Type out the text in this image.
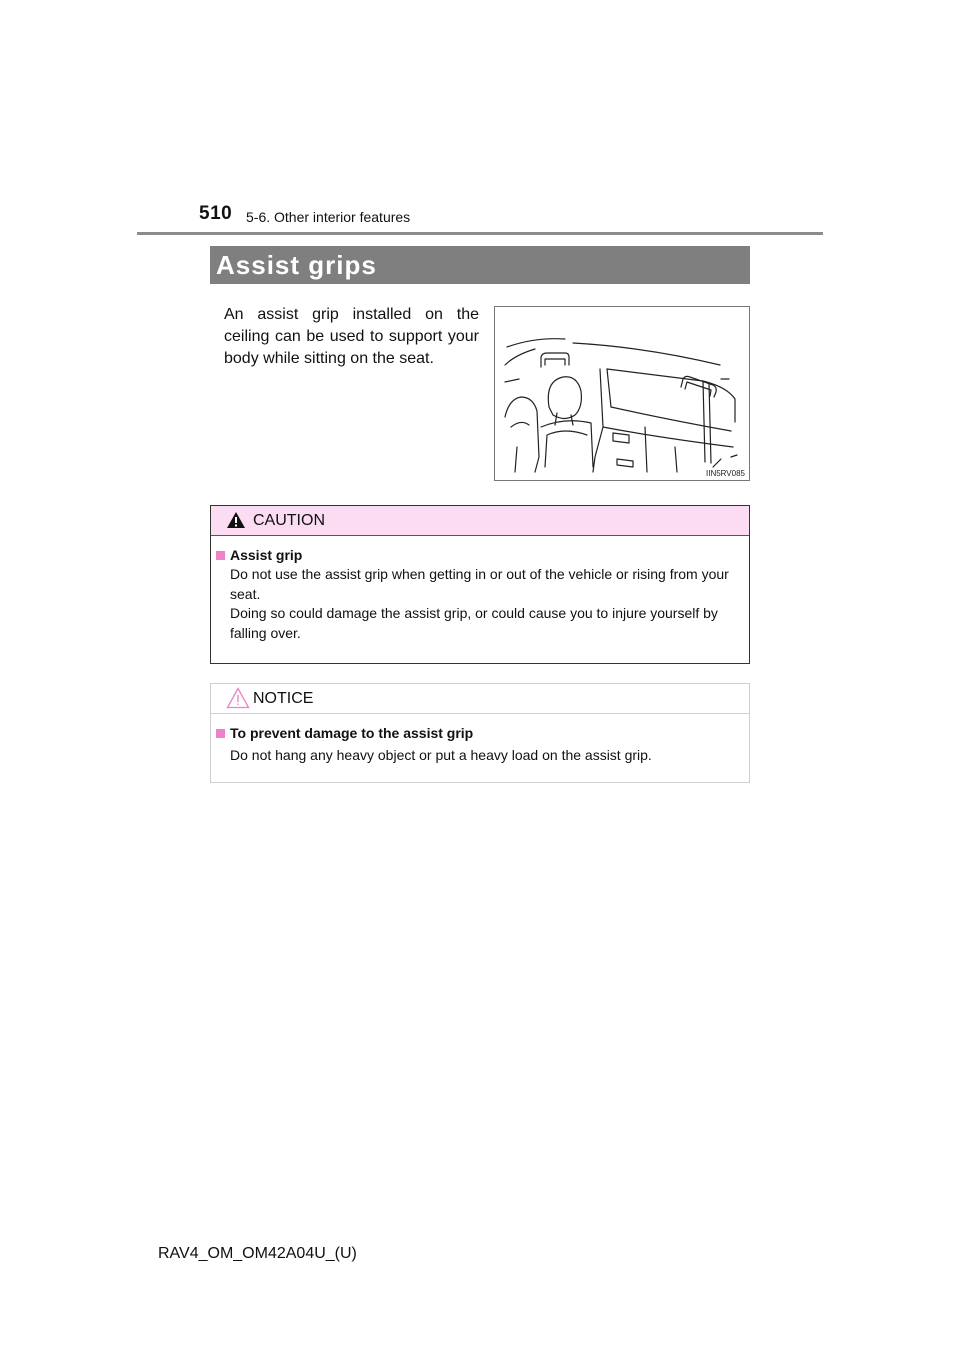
510 5-6. Other interior features
Assist grips
An assist grip installed on the ceiling can be used to support your body while sitting on the seat.
IIN5RV085
CAUTION
Assist grip
Do not use the assist grip when getting in or out of the vehicle or rising from your seat.
Doing so could damage the assist grip, or could cause you to injure yourself by falling over.
NOTICE
To prevent damage to the assist grip
Do not hang any heavy object or put a heavy load on the assist grip.
RAV4_OM_OM42A04U_(U)
